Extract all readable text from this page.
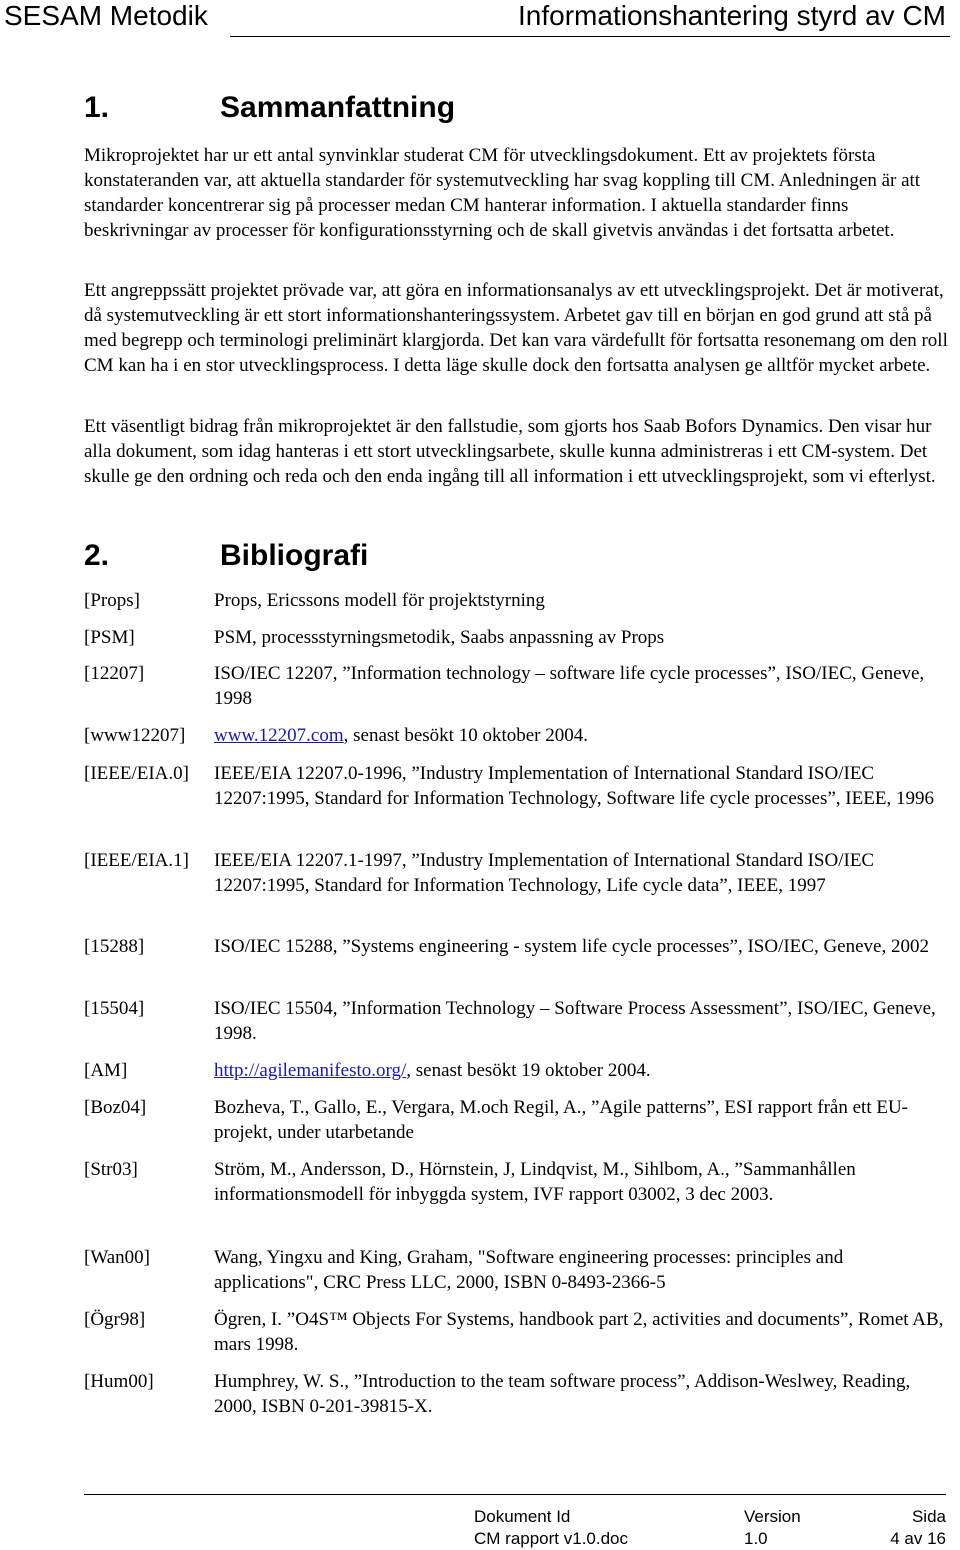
SESAM Metodik	Informationshantering styrd av CM
1.	Sammanfattning
Mikroprojektet har ur ett antal synvinklar studerat CM för utvecklingsdokument. Ett av projektets första konstateranden var, att aktuella standarder för systemutveckling har svag koppling till CM. Anledningen är att standarder koncentrerar sig på processer medan CM hanterar information. I aktuella standarder finns beskrivningar av processer för konfigurationsstyrning och de skall givetvis användas i det fortsatta arbetet.
Ett angreppssätt projektet prövade var, att göra en informationsanalys av ett utvecklingsprojekt. Det är motiverat, då systemutveckling är ett stort informationshanteringssystem. Arbetet gav till en början en god grund att stå på med begrepp och terminologi preliminärt klargjorda. Det kan vara värdefullt för fortsatta resonemang om den roll CM kan ha i en stor utvecklingsprocess. I detta läge skulle dock den fortsatta analysen ge alltför mycket arbete.
Ett väsentligt bidrag från mikroprojektet är den fallstudie, som gjorts hos Saab Bofors Dynamics. Den visar hur alla dokument, som idag hanteras i ett stort utvecklingsarbete, skulle kunna administreras i ett CM-system. Det skulle ge den ordning och reda och den enda ingång till all information i ett utvecklingsprojekt, som vi efterlyst.
2.	Bibliografi
[Props]	Props, Ericssons modell för projektstyrning
[PSM]	PSM, processstyrningsmetodik, Saabs anpassning av Props
[12207]	ISO/IEC 12207, ”Information technology – software life cycle processes”, ISO/IEC, Geneve, 1998
[www12207] www.12207.com, senast besökt 10 oktober 2004.
[IEEE/EIA.0] IEEE/EIA 12207.0-1996, ”Industry Implementation of International Standard ISO/IEC 12207:1995, Standard for Information Technology, Software life cycle processes”, IEEE, 1996
[IEEE/EIA.1] IEEE/EIA 12207.1-1997, ”Industry Implementation of International Standard ISO/IEC 12207:1995, Standard for Information Technology, Life cycle data”, IEEE, 1997
[15288]	ISO/IEC 15288, ”Systems engineering - system life cycle processes”, ISO/IEC, Geneve, 2002
[15504]	ISO/IEC 15504, ”Information Technology – Software Process Assessment”, ISO/IEC, Geneve, 1998.
[AM]	http://agilemanifesto.org/, senast besökt 19 oktober 2004.
[Boz04]	Bozheva, T., Gallo, E., Vergara, M.och Regil, A., ”Agile patterns”, ESI rapport från ett EU-projekt, under utarbetande
[Str03]	Ström, M., Andersson, D., Hörnstein, J, Lindqvist, M., Sihlbom, A., ”Sammanhållen informationsmodell för inbyggda system, IVF rapport 03002, 3 dec 2003.
[Wan00]	Wang, Yingxu and King, Graham, "Software engineering processes: principles and applications", CRC Press LLC, 2000, ISBN 0-8493-2366-5
[Ögr98]	Ögren, I. ”O4S™ Objects For Systems, handbook part 2, activities and documents”, Romet AB, mars 1998.
[Hum00]	Humphrey, W. S., ”Introduction to the team software process”, Addison-Weslwey, Reading, 2000, ISBN 0-201-39815-X.
Dokument Id
CM rapport v1.0.doc
Version
1.0
Sida
4 av 16
